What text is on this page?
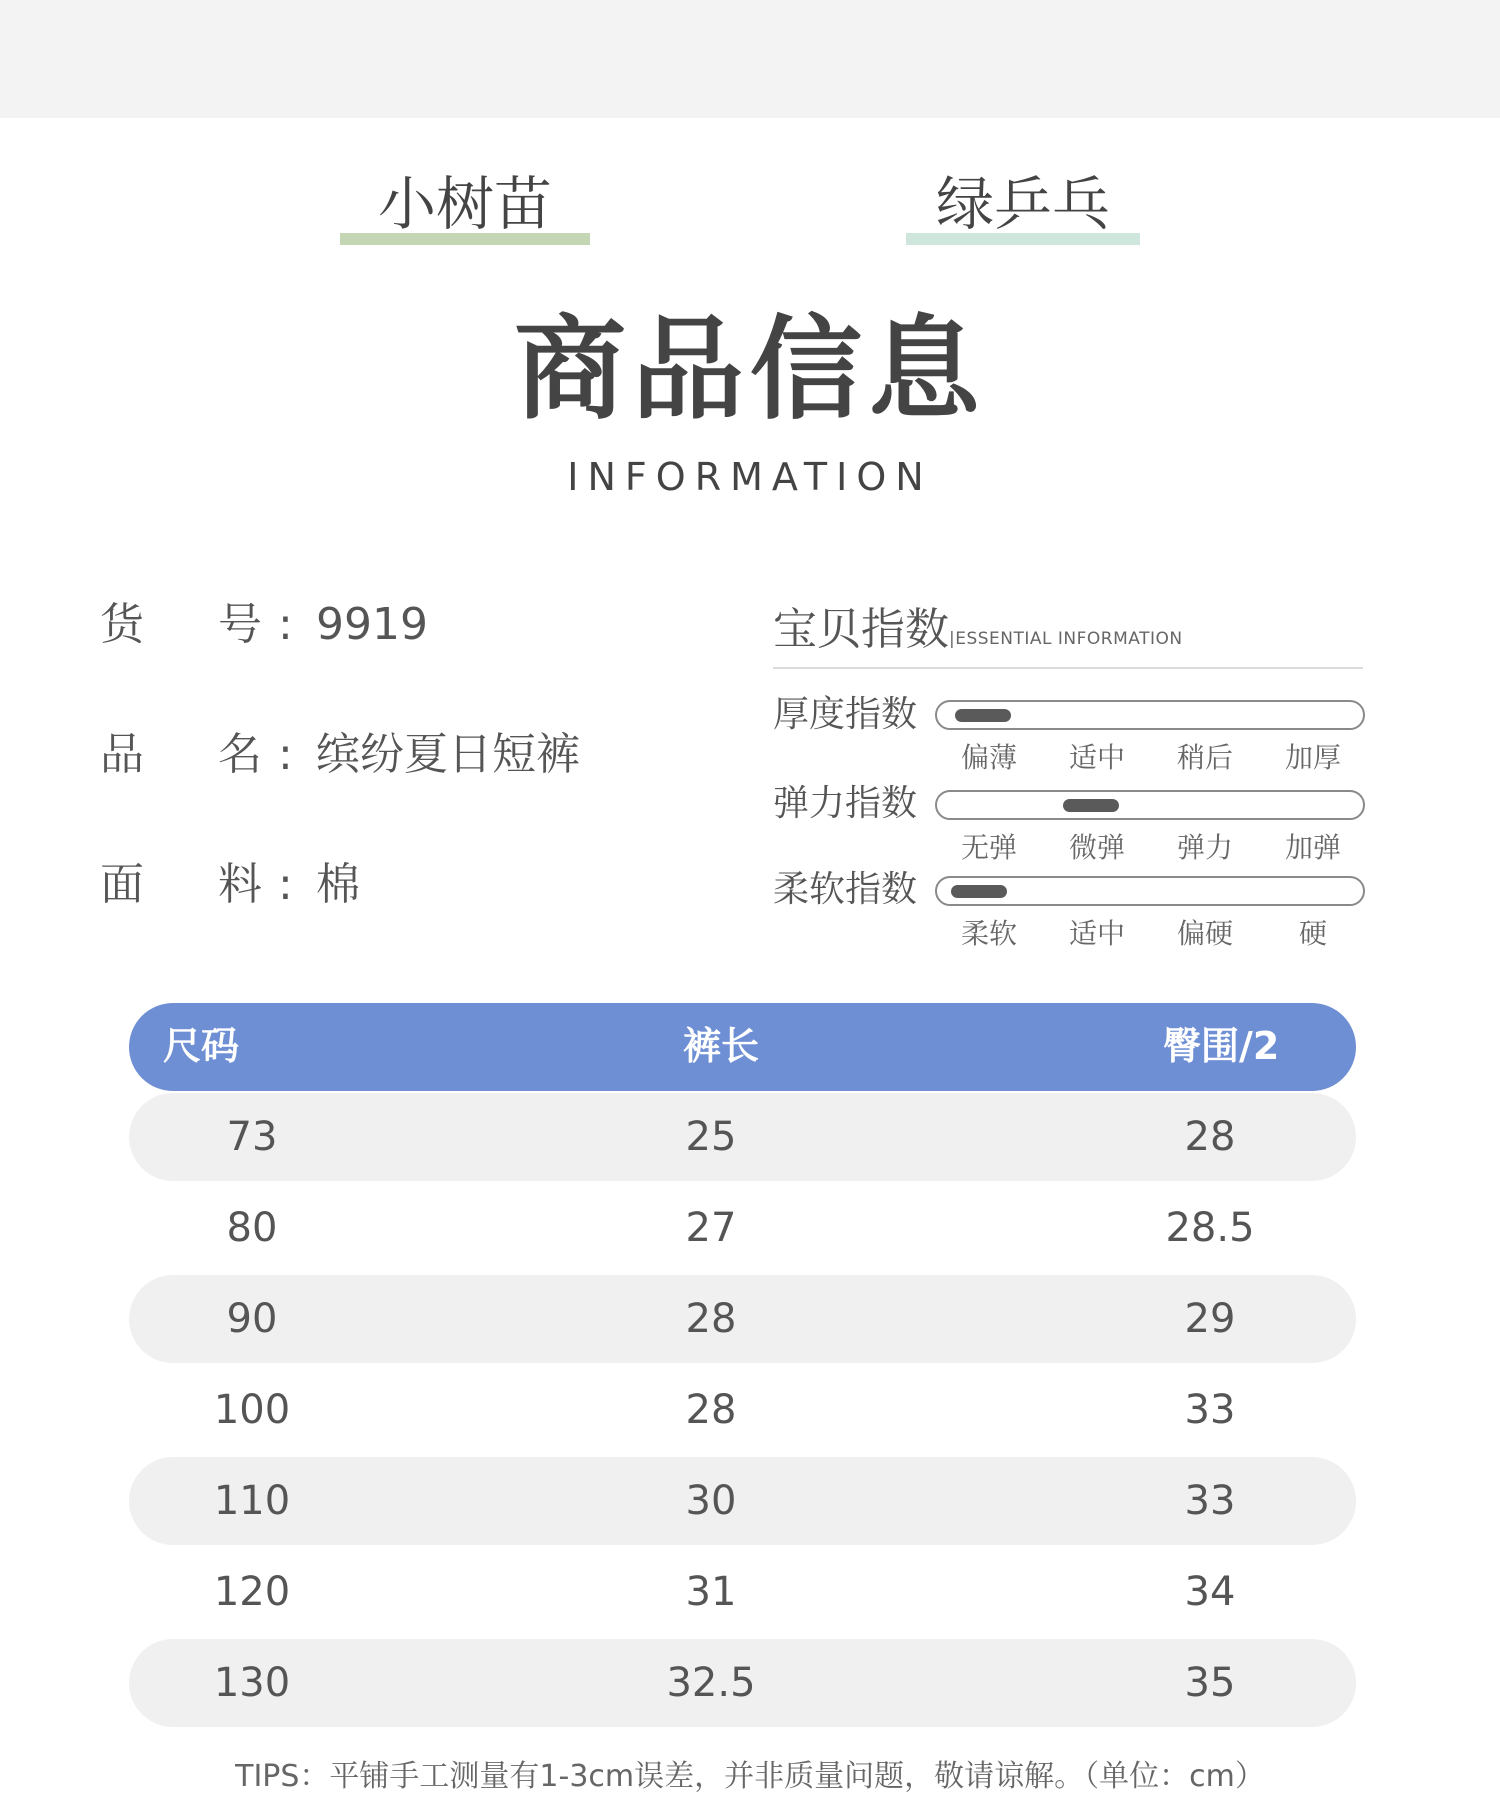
小树苗	绿乒乓
商品信息
INFORMATION
货 号 : 9919
品 名 : 缤纷夏日短裤
面 料 : 棉
宝贝指数|ESSENTIAL INFORMATION
厚度指数
偏薄	适中	稍后	加厚
弹力指数
无弹	微弹	弹力	加弹
柔软指数
柔软	适中	偏硬	硬
尺码	裤长	臀围/2
73	25	28
80	27	28.5
90	28	29
100	28	33
110	30	33
120	31	34
130	32.5	35
TIPS：平铺手工测量有1-3cm误差，并非质量问题，敬请谅解。（单位：cm）
